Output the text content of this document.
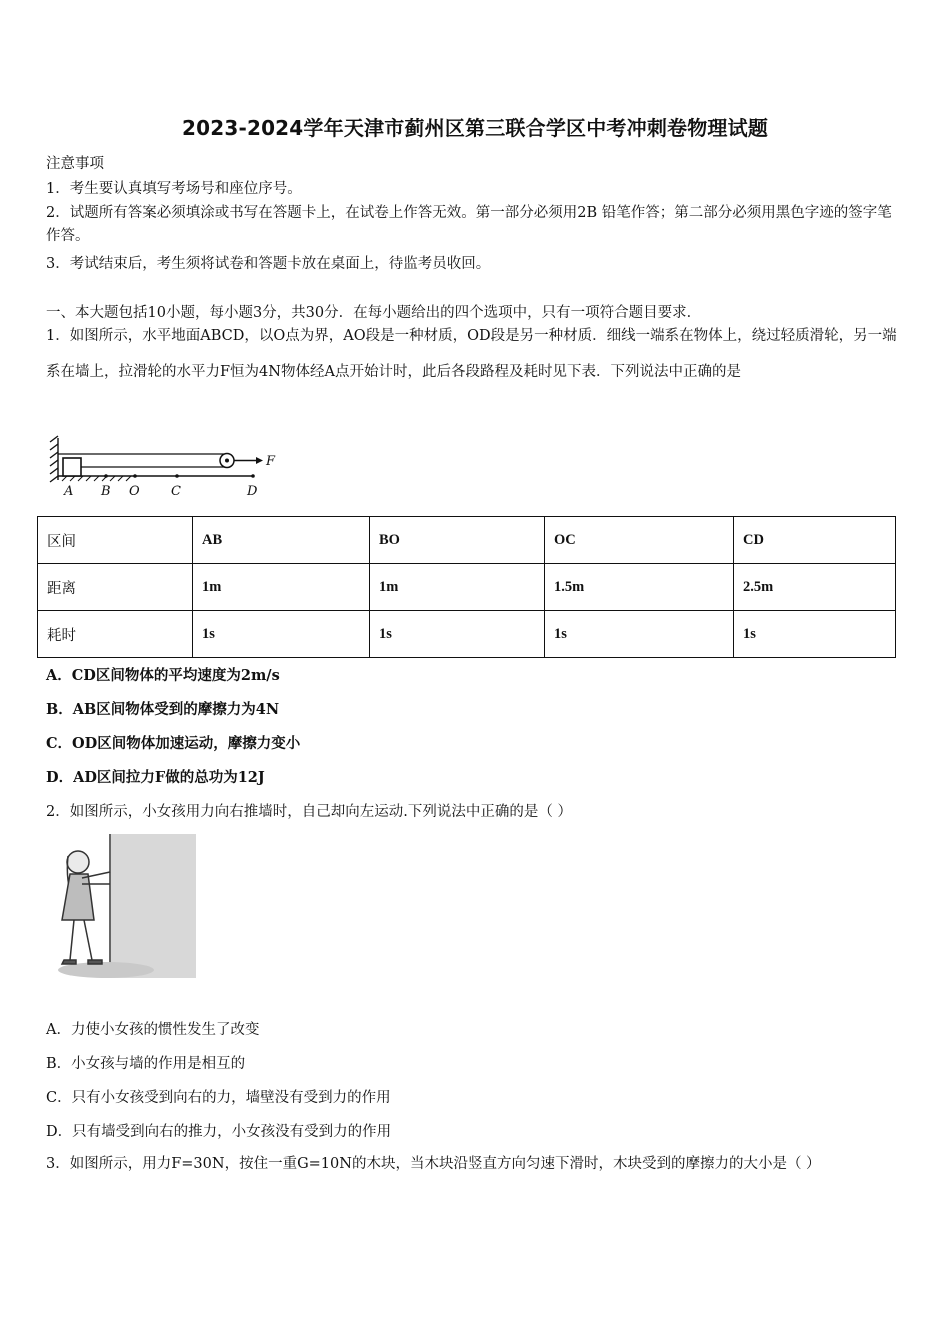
2023-2024学年天津市蓟州区第三联合学区中考冲刺卷物理试题
注意事项
1．考生要认真填写考场号和座位序号。
2．试题所有答案必须填涂或书写在答题卡上，在试卷上作答无效。第一部分必须用2B 铅笔作答；第二部分必须用黑色字迹的签字笔作答。
3．考试结束后，考生须将试卷和答题卡放在桌面上，待监考员收回。
一、本大题包括10小题，每小题3分，共30分．在每小题给出的四个选项中，只有一项符合题目要求．
1．如图所示，水平地面ABCD，以O点为界，AO段是一种材质，OD段是另一种材质．细线一端系在物体上，绕过轻质滑轮，另一端系在墙上，拉滑轮的水平力F恒为4N物体经A点开始计时，此后各段路程及耗时见下表．下列说法中正确的是
F
A B O C	D
区间	AB	BO	OC	CD
距离	1m	1m	1.5m	2.5m
耗时	1s	1s	1s	1s
A．CD区间物体的平均速度为2m/s
B．AB区间物体受到的摩擦力为4N
C．OD区间物体加速运动，摩擦力变小
D．AD区间拉力F做的总功为12J
2．如图所示，小女孩用力向右推墙时，自己却向左运动.下列说法中正确的是（ ）
A．力使小女孩的惯性发生了改变
B．小女孩与墙的作用是相互的
C．只有小女孩受到向右的力，墙壁没有受到力的作用
D．只有墙受到向右的推力，小女孩没有受到力的作用
3．如图所示，用力F=30N，按住一重G=10N的木块，当木块沿竖直方向匀速下滑时，木块受到的摩擦力的大小是（ ）
